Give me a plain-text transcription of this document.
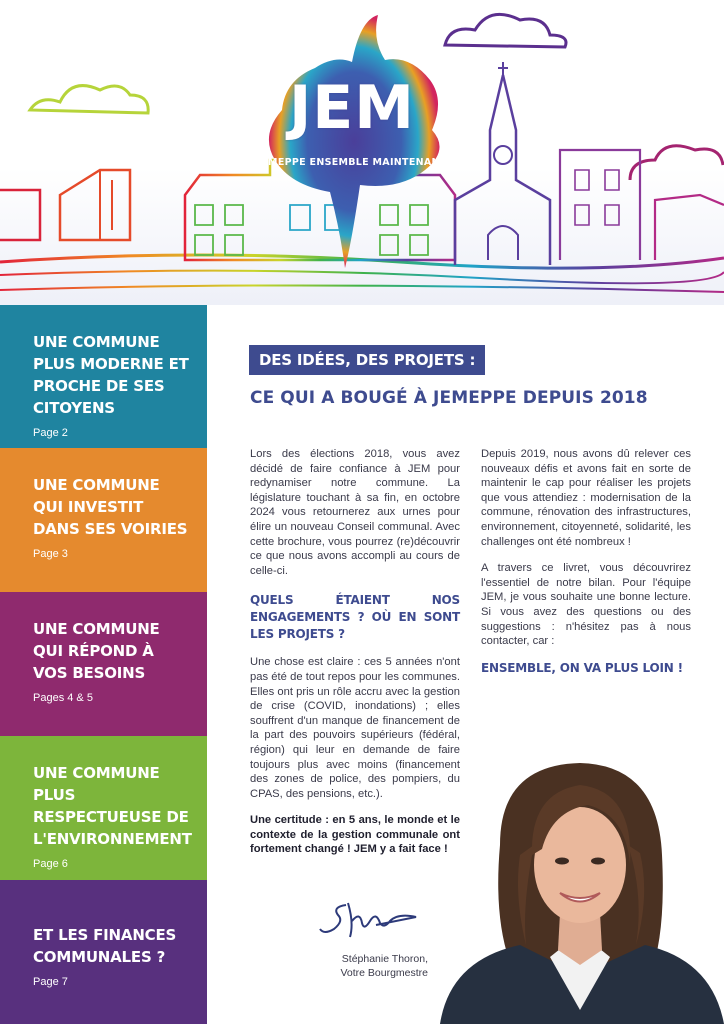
JEM
JEMEPPE ENSEMBLE MAINTENANT
UNE COMMUNE PLUS MODERNE ET PROCHE DE SES CITOYENS
Page 2
UNE COMMUNE QUI INVESTIT DANS SES VOIRIES
Page 3
UNE COMMUNE QUI RÉPOND À VOS BESOINS
Pages 4 & 5
UNE COMMUNE PLUS RESPECTUEUSE DE L'ENVIRONNEMENT
Page 6
ET LES FINANCES COMMUNALES ?
Page 7
DES IDÉES, DES PROJETS :
CE QUI A BOUGÉ À JEMEPPE DEPUIS 2018

Lors des élections 2018, vous avez décidé de faire confiance à JEM pour redynamiser notre commune. La législature touchant à sa fin, en octobre 2024 vous retournerez aux urnes pour élire un nouveau Conseil communal. Avec cette brochure, vous pourrez (re)découvrir ce que nous avons accompli au cours de celle-ci.

QUELS ÉTAIENT NOS ENGAGEMENTS ? OÙ EN SONT LES PROJETS ?

Une chose est claire : ces 5 années n'ont pas été de tout repos pour les communes. Elles ont pris un rôle accru avec la gestion de crise (COVID, inondations) ; elles souffrent d'un manque de financement de la part des pouvoirs supérieurs (fédéral, région) qui leur en demande de faire toujours plus avec moins (financement des zones de police, des pompiers, du CPAS, des pensions, etc.).

Une certitude : en 5 ans, le monde et le contexte de la gestion communale ont fortement changé ! JEM y a fait face !

Depuis 2019, nous avons dû relever ces nouveaux défis et avons fait en sorte de maintenir le cap pour réaliser les projets que vous attendiez : modernisation de la commune, rénovation des infrastructures, environnement, citoyenneté, solidarité, les challenges ont été nombreux !

A travers ce livret, vous découvrirez l'essentiel de notre bilan. Pour l'équipe JEM, je vous souhaite une bonne lecture. Si vous avez des questions ou des suggestions : n'hésitez pas à nous contacter, car :

ENSEMBLE, ON VA PLUS LOIN !
Stéphanie Thoron,
Votre Bourgmestre
